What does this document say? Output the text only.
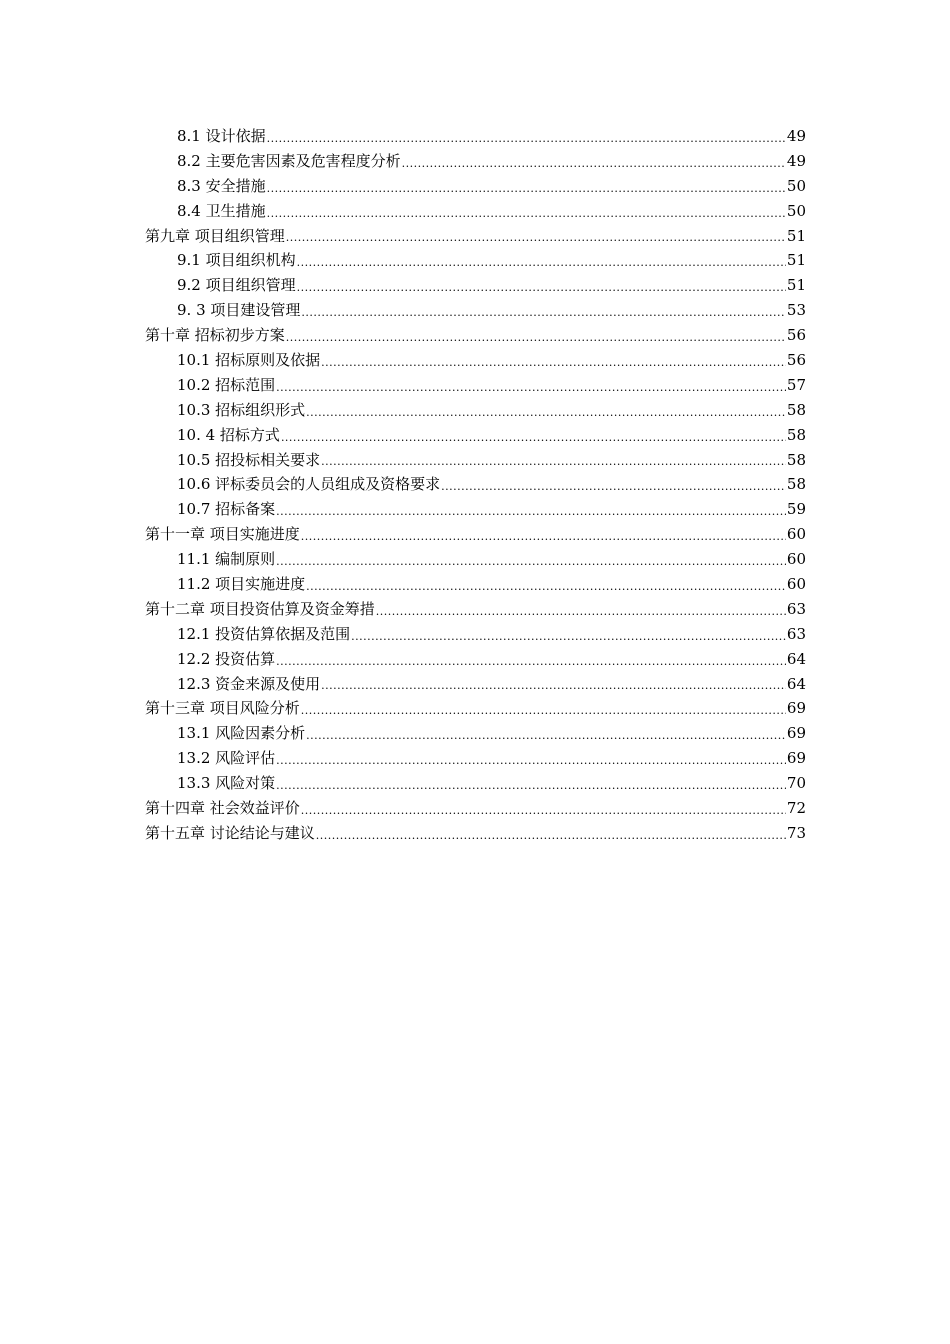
8.1 设计依据 .....	49
8.2 主要危害因素及危害程度分析 .....	49
8.3 安全措施 .....	50
8.4 卫生措施 .....	50
第九章 项目组织管理 .....	51
9.1 项目组织机构 .....	51
9.2 项目组织管理 .....	51
9. 3 项目建设管理 .....	53
第十章 招标初步方案 .....	56
10.1 招标原则及依据 .....	56
10.2 招标范围 .....	57
10.3 招标组织形式 .....	58
10. 4 招标方式 .....	58
10.5 招投标相关要求 .....	58
10.6 评标委员会的人员组成及资格要求 .....	58
10.7 招标备案 .....	59
第十一章 项目实施进度 .....	60
11.1 编制原则 .....	60
11.2 项目实施进度 .....	60
第十二章 项目投资估算及资金筹措 .....	63
12.1 投资估算依据及范围 .....	63
12.2 投资估算 .....	64
12.3 资金来源及使用 .....	64
第十三章 项目风险分析 .....	69
13.1 风险因素分析 .....	69
13.2 风险评估 .....	69
13.3 风险对策 .....	70
第十四章 社会效益评价 .....	72
第十五章 讨论结论与建议 .....	73
